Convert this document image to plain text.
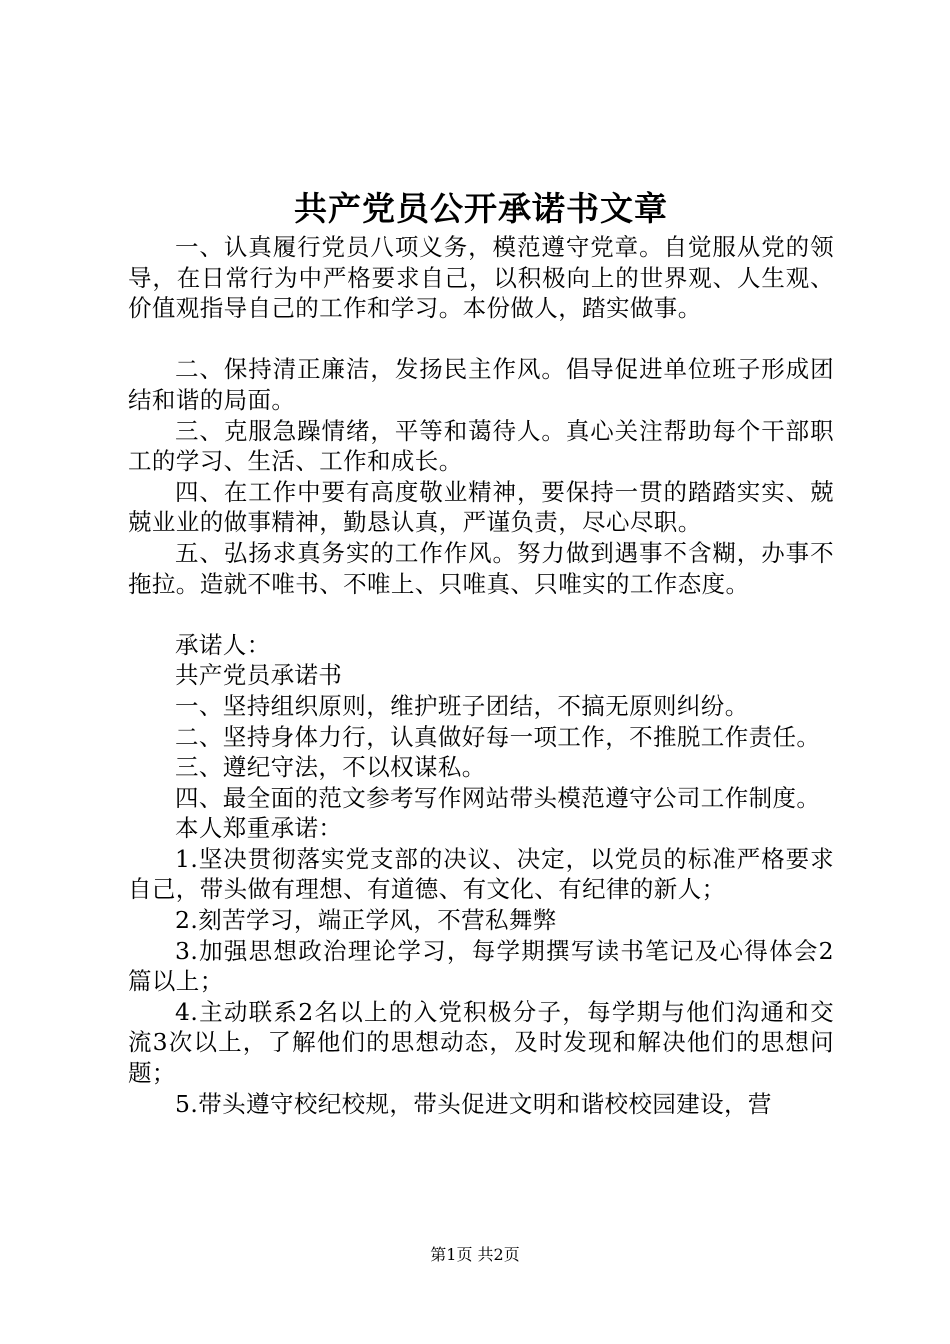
共产党员公开承诺书文章

一、认真履行党员八项义务，模范遵守党章。自觉服从党的领导，在日常行为中严格要求自己，以积极向上的世界观、人生观、价值观指导自己的工作和学习。本份做人，踏实做事。

二、保持清正廉洁，发扬民主作风。倡导促进单位班子形成团结和谐的局面。

三、克服急躁情绪，平等和蔼待人。真心关注帮助每个干部职工的学习、生活、工作和成长。

四、在工作中要有高度敬业精神，要保持一贯的踏踏实实、兢兢业业的做事精神，勤恳认真，严谨负责，尽心尽职。

五、弘扬求真务实的工作作风。努力做到遇事不含糊，办事不拖拉。造就不唯书、不唯上、只唯真、只唯实的工作态度。

承诺人：

共产党员承诺书

一、坚持组织原则，维护班子团结，不搞无原则纠纷。

二、坚持身体力行，认真做好每一项工作，不推脱工作责任。

三、遵纪守法，不以权谋私。

四、最全面的范文参考写作网站带头模范遵守公司工作制度。

本人郑重承诺：

1.坚决贯彻落实党支部的决议、决定，以党员的标准严格要求自己，带头做有理想、有道德、有文化、有纪律的新人；

2.刻苦学习，端正学风，不营私舞弊

3.加强思想政治理论学习，每学期撰写读书笔记及心得体会2篇以上；

4.主动联系2名以上的入党积极分子，每学期与他们沟通和交流3次以上，了解他们的思想动态，及时发现和解决他们的思想问题；

5.带头遵守校纪校规，带头促进文明和谐校校园建设，营

第1页 共2页
